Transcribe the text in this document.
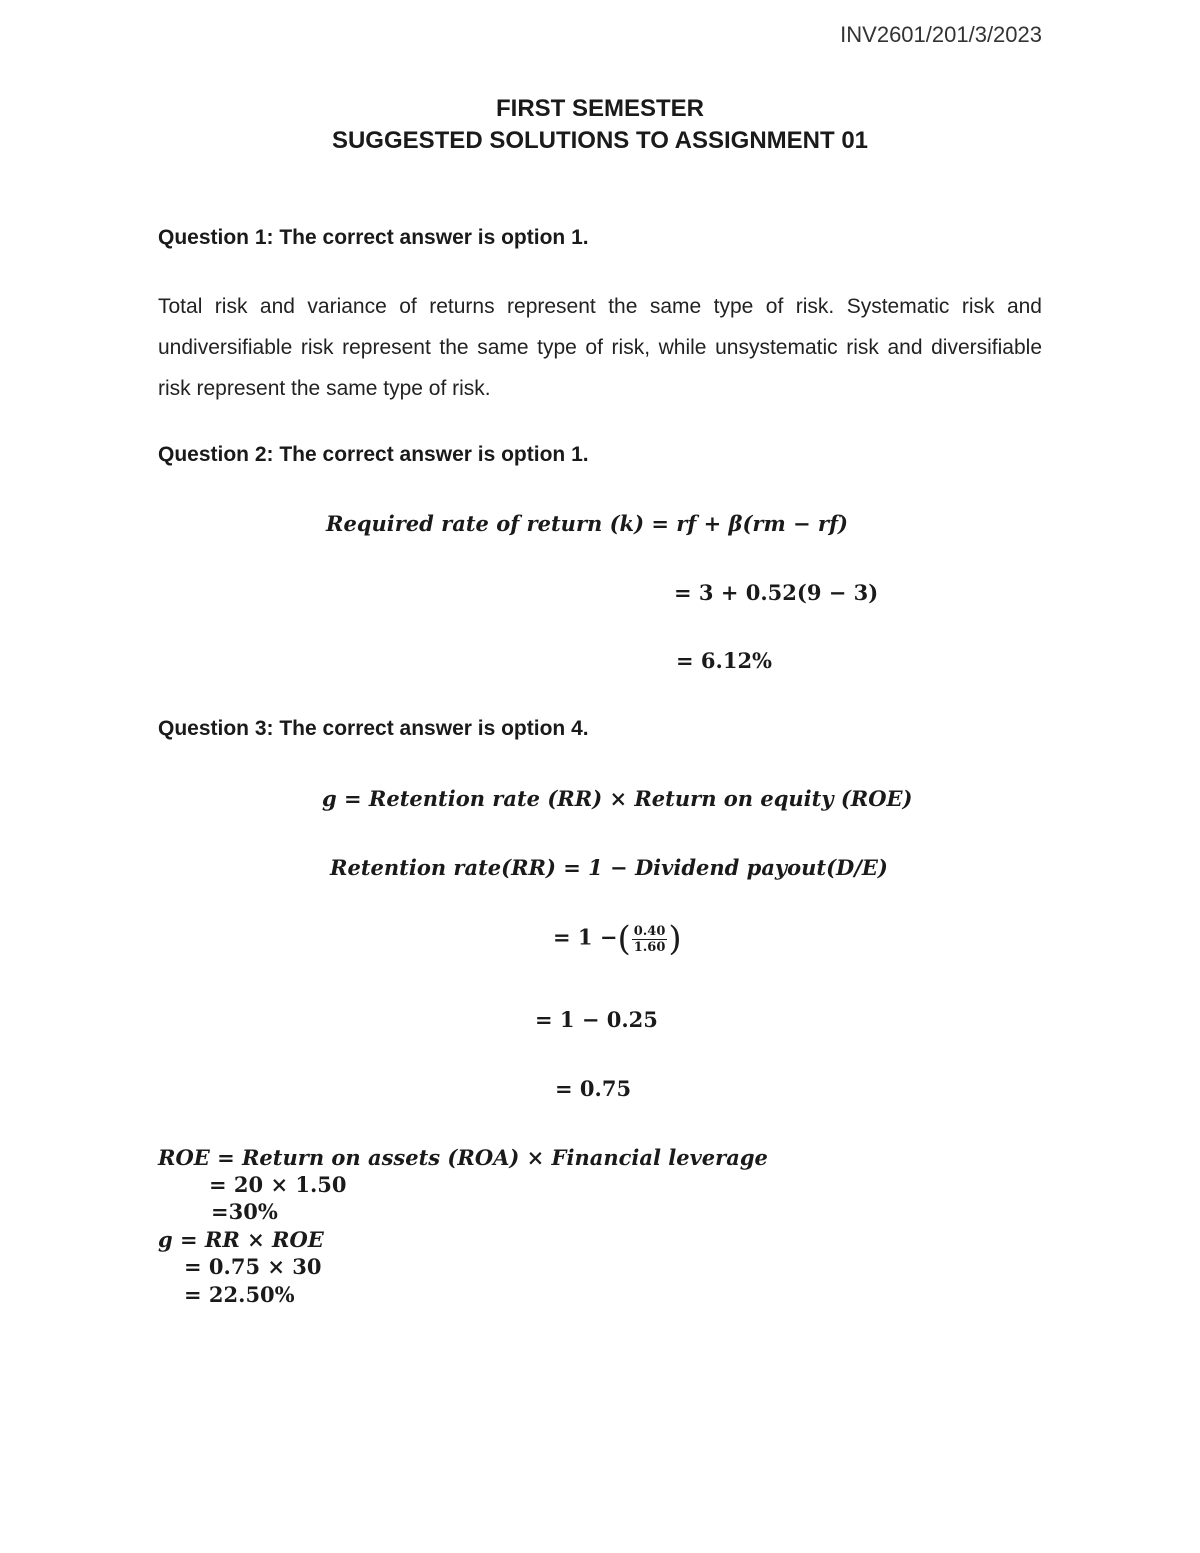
INV2601/201/3/2023
FIRST SEMESTER
SUGGESTED SOLUTIONS TO ASSIGNMENT 01
Question 1: The correct answer is option 1.
Total risk and variance of returns represent the same type of risk. Systematic risk and undiversifiable risk represent the same type of risk, while unsystematic risk and diversifiable risk represent the same type of risk.
Question 2: The correct answer is option 1.
Required rate of return (k) = rf + β(rm − rf)
= 3 + 0.52(9 − 3)
= 6.12%
Question 3: The correct answer is option 4.
g = Retention rate (RR) × Return on equity (ROE)
Retention rate(RR) = 1 − Dividend payout(D/E)
= 1 −( $\frac{0.40}{1.60}$ )
= 1 − 0.25
= 0.75
ROE = Return on assets (ROA) × Financial leverage
= 20 × 1.50
=30%
g = RR × ROE
= 0.75 × 30
= 22.50%
